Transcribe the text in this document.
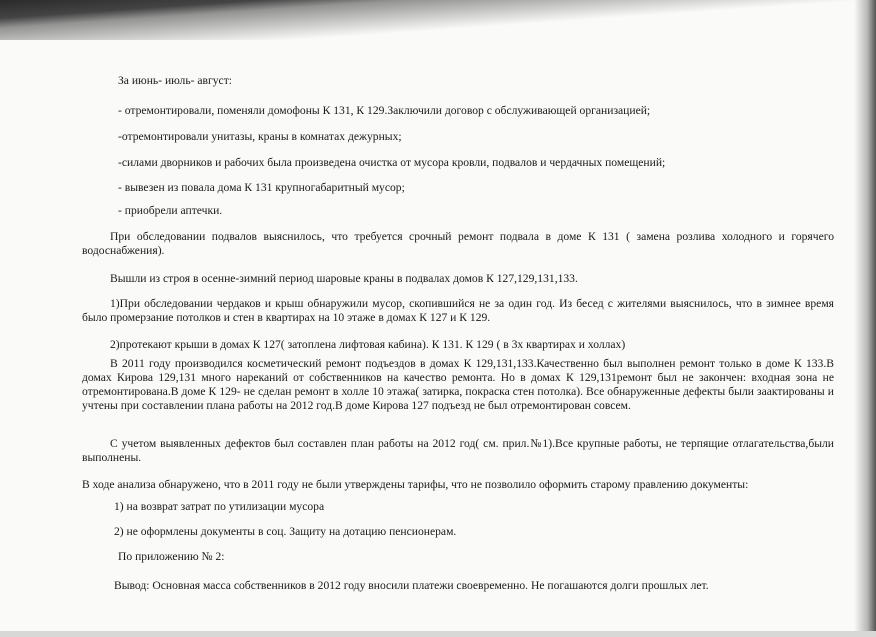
За июнь- июль- август:

- отремонтировали, поменяли домофоны К 131, К 129.Заключили договор с обслуживающей организацией;

-отремонтировали унитазы, краны в комнатах дежурных;

-силами дворников и рабочих была произведена очистка от мусора кровли, подвалов и чердачных помещений;

- вывезен из повала дома К 131 крупногабаритный мусор;

- приобрели аптечки.

При обследовании подвалов выяснилось, что требуется срочный ремонт подвала в доме К 131 ( замена розлива холодного и горячего водоснабжения).

Вышли из строя в осенне-зимний период шаровые краны в подвалах домов К 127,129,131,133.

1)При обследовании чердаков и крыш обнаружили мусор, скопившийся не за один год. Из бесед с жителями выяснилось, что в зимнее время было промерзание потолков и стен в квартирах на 10 этаже в домах К 127 и К 129.

2)протекают крыши в домах К 127( затоплена лифтовая кабина). К 131. К 129 ( в 3х квартирах и холлах)

В 2011 году производился косметический ремонт подъездов в домах К 129,131,133.Качественно был выполнен ремонт только в доме К 133.В домах Кирова 129,131 много нареканий от собственников на качество ремонта. Но в домах К 129,131ремонт был не закончен: входная зона не отремонтирована.В доме К 129- не сделан ремонт в холле 10 этажа( затирка, покраска стен потолка). Все обнаруженные дефекты были заактированы и учтены при составлении плана работы на 2012 год.В доме Кирова 127 подъезд не был отремонтирован совсем.

С учетом выявленных дефектов был составлен план работы на 2012 год( см. прил.№1).Все крупные работы, не терпящие отлагательства,были выполнены.

В ходе анализа обнаружено, что в 2011 году не были утверждены тарифы, что не позволило оформить старому правлению документы:

1) на возврат затрат по утилизации мусора

2) не оформлены документы в соц. Защиту на дотацию пенсионерам.

По приложению № 2:

Вывод: Основная масса собственников в 2012 году вносили платежи своевременно. Не погашаются долги прошлых лет.
